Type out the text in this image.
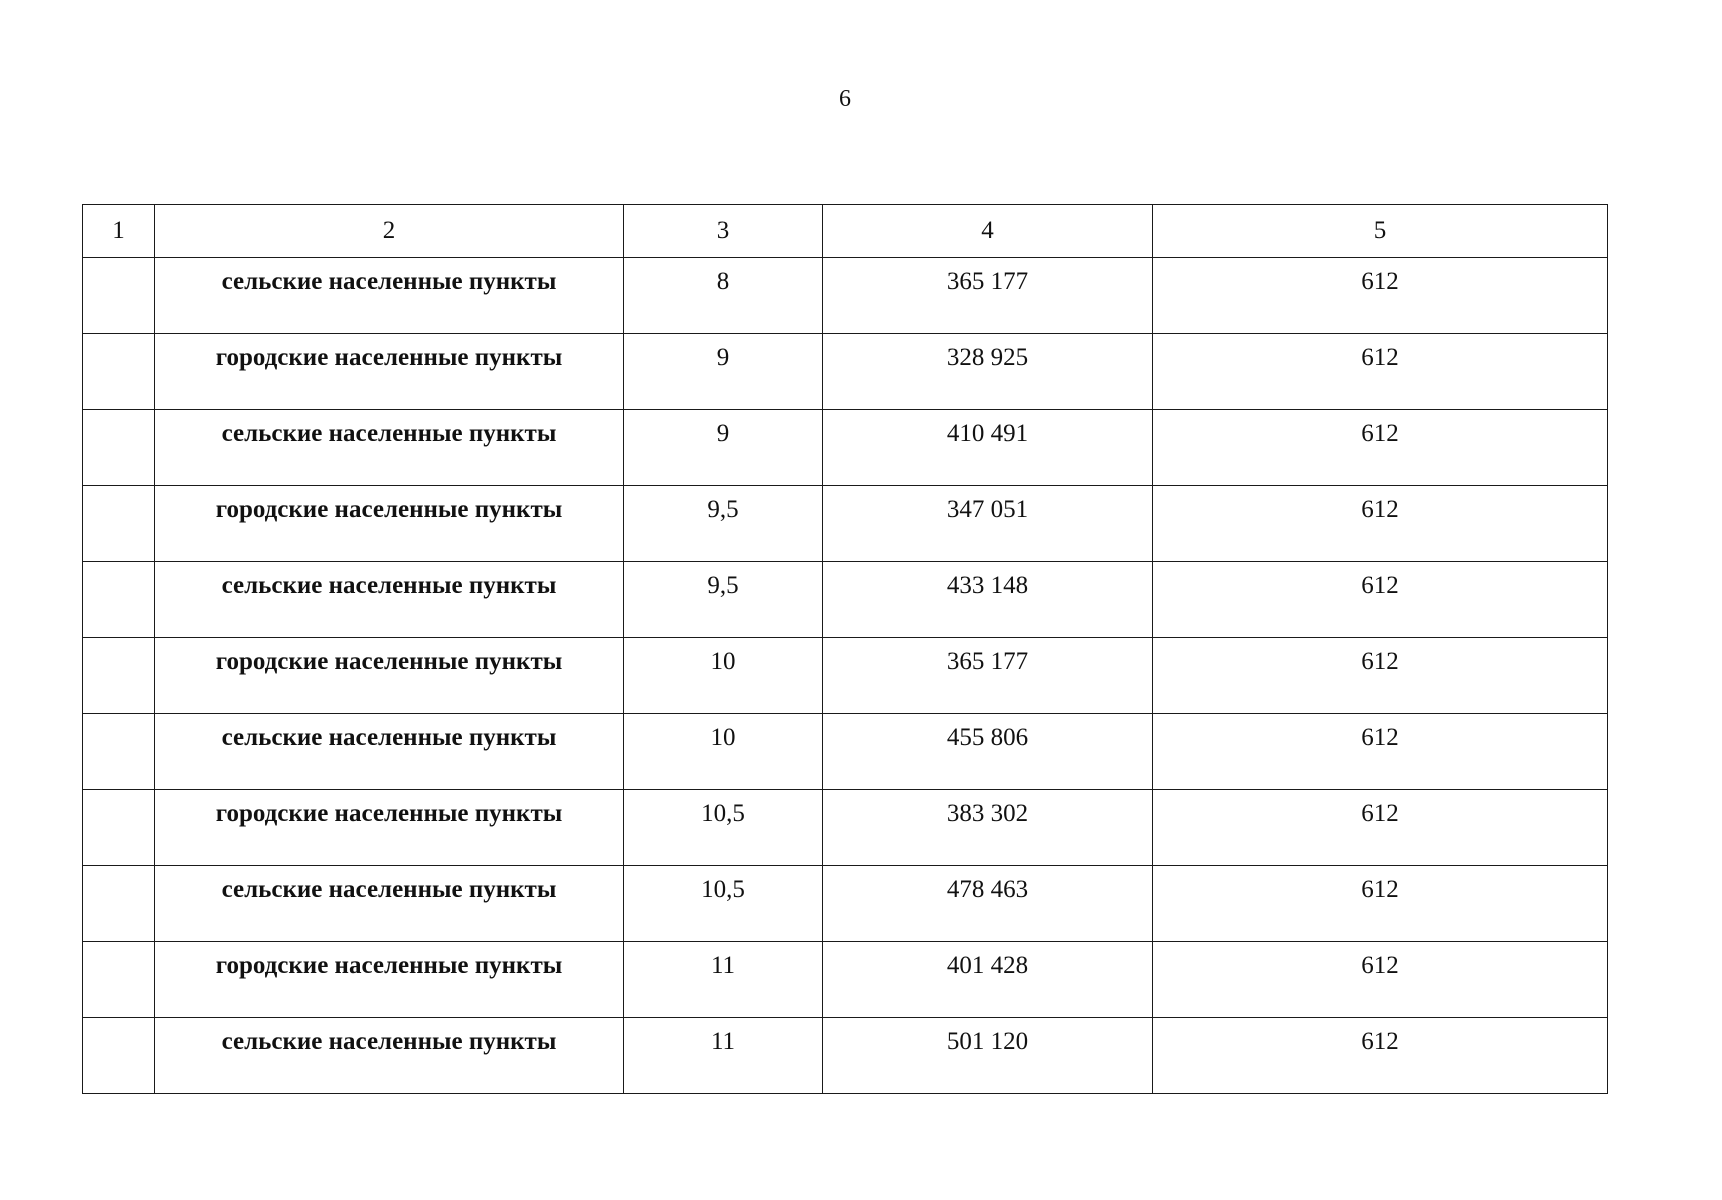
6
1	2	3	4	5
	сельские населенные пункты	8	365 177	612
	городские населенные пункты	9	328 925	612
	сельские населенные пункты	9	410 491	612
	городские населенные пункты	9,5	347 051	612
	сельские населенные пункты	9,5	433 148	612
	городские населенные пункты	10	365 177	612
	сельские населенные пункты	10	455 806	612
	городские населенные пункты	10,5	383 302	612
	сельские населенные пункты	10,5	478 463	612
	городские населенные пункты	11	401 428	612
	сельские населенные пункты	11	501 120	612
